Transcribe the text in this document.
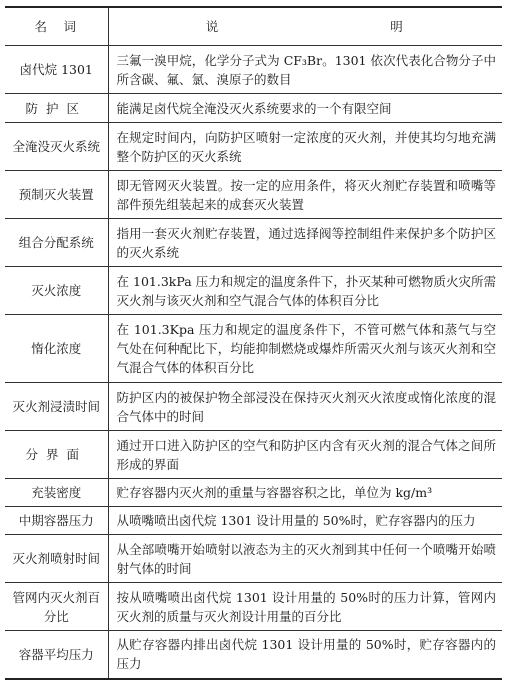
名　词	说 明
卤代烷 1301	三氟一溴甲烷，化学分子式为 CF₃Br。1301 依次代表化合物分子中所含碳、氟、氯、溴原子的数目
防护区	能满足卤代烷全淹没灭火系统要求的一个有限空间
全淹没灭火系统	在规定时间内，向防护区喷射一定浓度的灭火剂，并使其均匀地充满整个防护区的灭火系统
预制灭火装置	即无管网灭火装置。按一定的应用条件，将灭火剂贮存装置和喷嘴等部件预先组装起来的成套灭火装置
组合分配系统	指用一套灭火剂贮存装置，通过选择阀等控制组件来保护多个防护区的灭火系统
灭火浓度	在 101.3kPa 压力和规定的温度条件下，扑灭某种可燃物质火灾所需灭火剂与该灭火剂和空气混合气体的体积百分比
惰化浓度	在 101.3Kpa 压力和规定的温度条件下，不管可燃气体和蒸气与空气处在何种配比下，均能抑制燃烧或爆炸所需灭火剂与该灭火剂和空气混合气体的体积百分比
灭火剂浸渍时间	防护区内的被保护物全部浸没在保持灭火剂灭火浓度或惰化浓度的混合气体中的时间
分界面	通过开口进入防护区的空气和防护区内含有灭火剂的混合气体之间所形成的界面
充装密度	贮存容器内灭火剂的重量与容器容积之比，单位为 kg/m³
中期容器压力	从喷嘴喷出卤代烷 1301 设计用量的 50%时，贮存容器内的压力
灭火剂喷射时间	从全部喷嘴开始喷射以液态为主的灭火剂到其中任何一个喷嘴开始喷射气体的时间
管网内灭火剂百分比	按从喷嘴喷出卤代烷 1301 设计用量的 50%时的压力计算，管网内灭火剂的质量与灭火剂设计用量的百分比
容器平均压力	从贮存容器内排出卤代烷 1301 设计用量的 50%时，贮存容器内的压力
